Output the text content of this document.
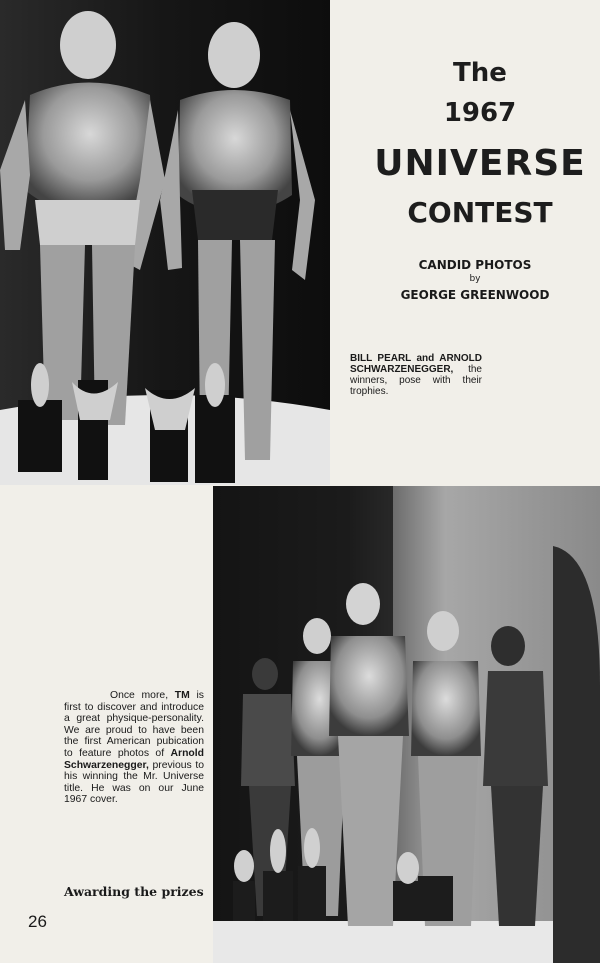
The
1967
UNIVERSE
CONTEST
CANDID PHOTOS
by
GEORGE GREENWOOD
BILL PEARL and ARNOLD SCHWARZENEGGER, the winners, pose with their trophies.
Once more, TM is first to discover and introduce a great physique-personality. We are proud to have been the first American pubication to feature photos of Arnold Schwarzenegger, previous to his winning the Mr. Universe title. He was on our June 1967 cover.
Awarding the prizes
26
